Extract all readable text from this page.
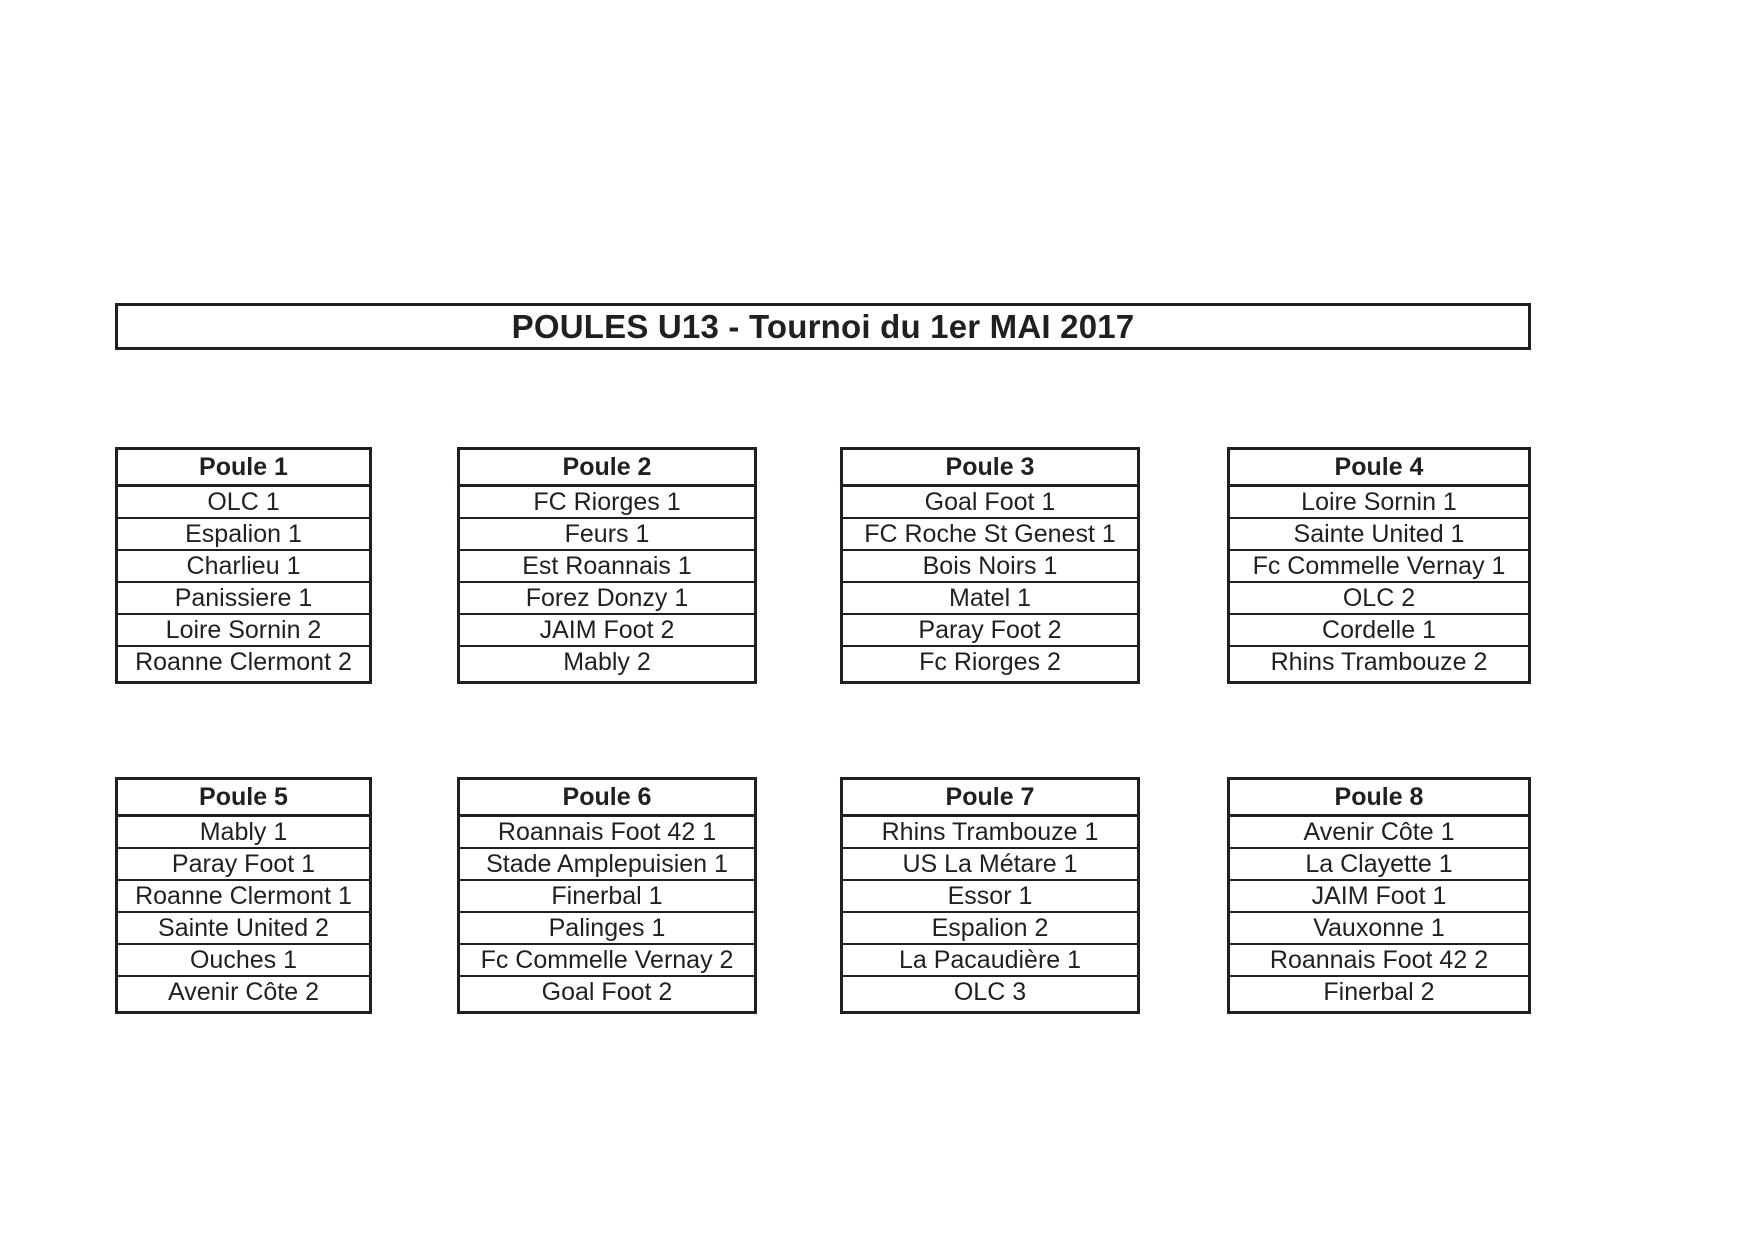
POULES U13 - Tournoi du 1er MAI 2017
Poule 1
OLC 1
Espalion 1
Charlieu 1
Panissiere 1
Loire Sornin 2
Roanne Clermont 2
Poule 2
FC Riorges 1
Feurs 1
Est Roannais 1
Forez Donzy 1
JAIM Foot 2
Mably 2
Poule 3
Goal Foot 1
FC Roche St Genest 1
Bois Noirs 1
Matel 1
Paray Foot 2
Fc Riorges 2
Poule 4
Loire Sornin 1
Sainte United 1
Fc Commelle Vernay 1
OLC 2
Cordelle 1
Rhins Trambouze 2
Poule 5
Mably 1
Paray Foot 1
Roanne Clermont 1
Sainte United 2
Ouches 1
Avenir Côte 2
Poule 6
Roannais Foot 42 1
Stade Amplepuisien 1
Finerbal 1
Palinges 1
Fc Commelle Vernay 2
Goal Foot 2
Poule 7
Rhins Trambouze 1
US La Métare 1
Essor 1
Espalion 2
La Pacaudière 1
OLC 3
Poule 8
Avenir Côte 1
La Clayette 1
JAIM Foot 1
Vauxonne 1
Roannais Foot 42 2
Finerbal 2
